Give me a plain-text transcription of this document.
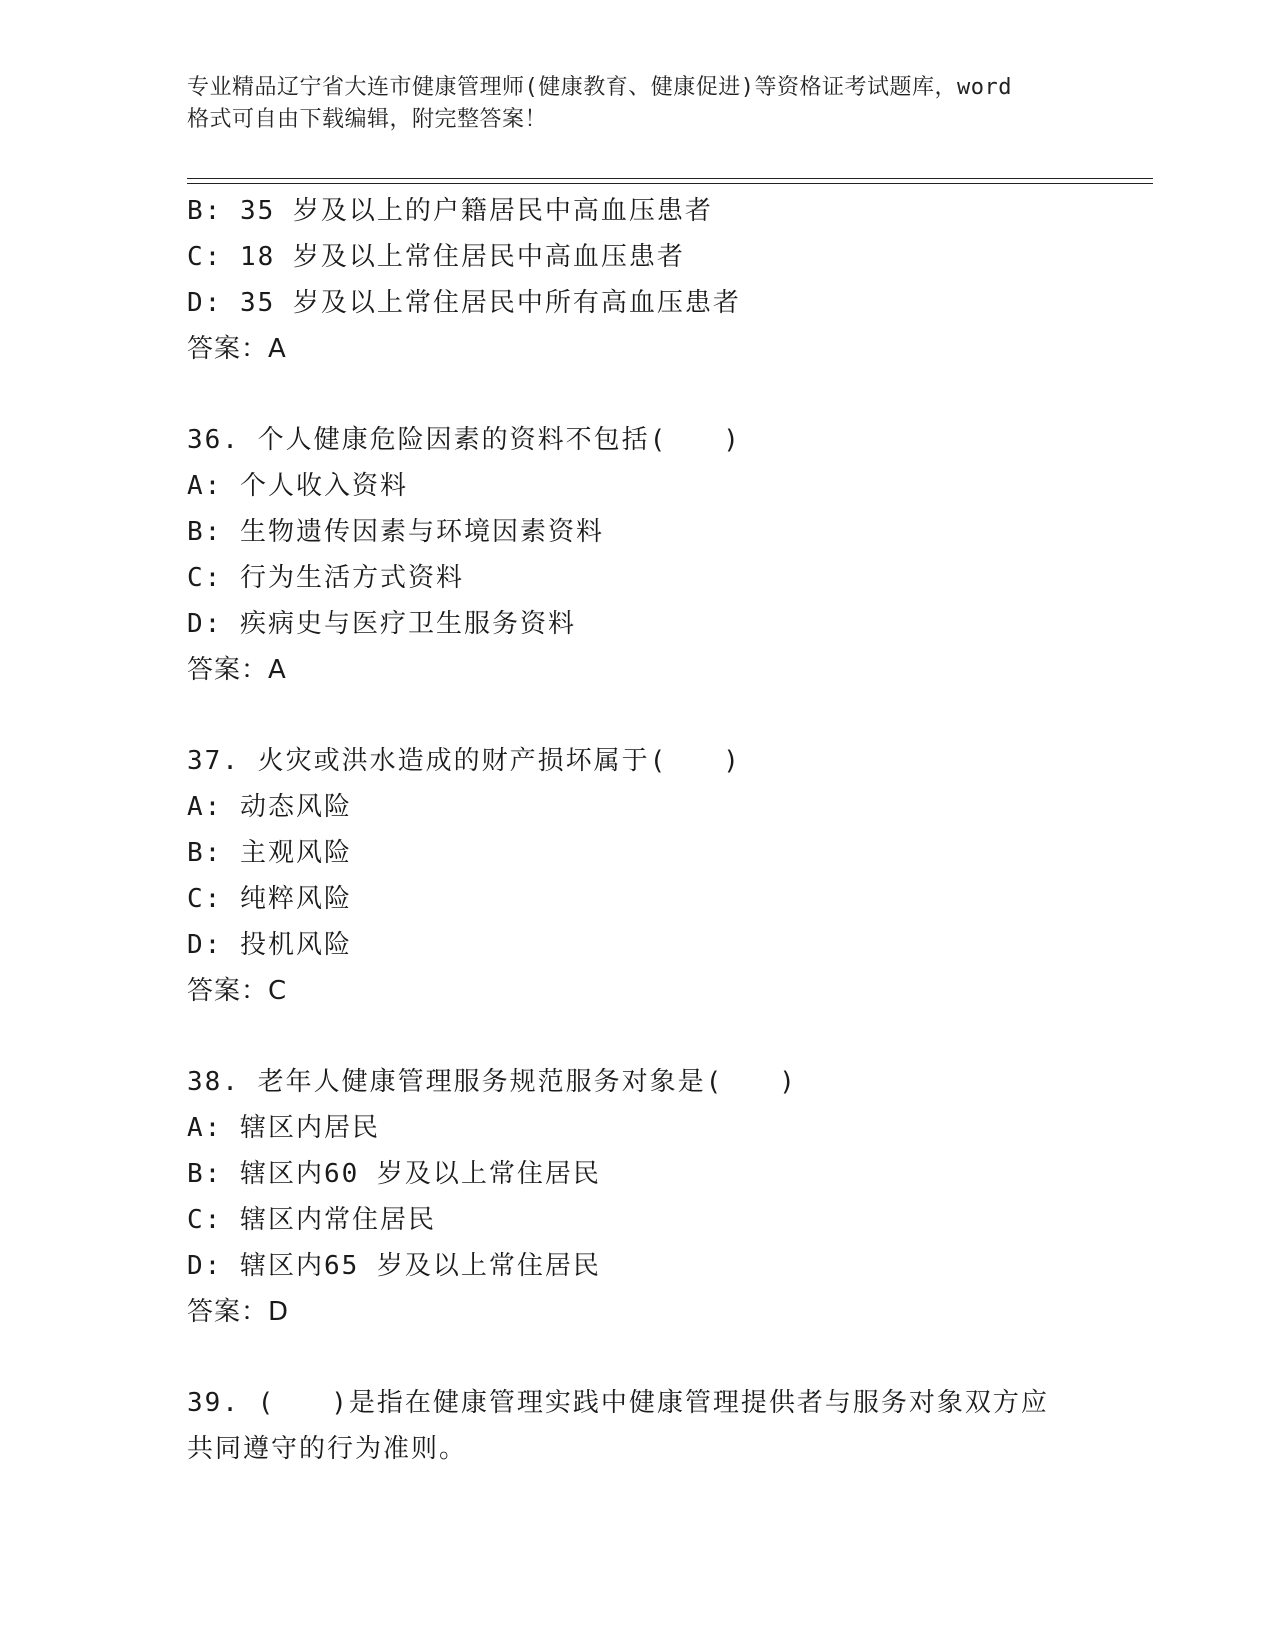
专业精品辽宁省大连市健康管理师(健康教育、健康促进)等资格证考试题库，word
格式可自由下载编辑，附完整答案！
B: 35 岁及以上的户籍居民中高血压患者
C: 18 岁及以上常住居民中高血压患者
D: 35 岁及以上常住居民中所有高血压患者
答案：A
36. 个人健康危险因素的资料不包括(　　)
A: 个人收入资料
B: 生物遗传因素与环境因素资料
C: 行为生活方式资料
D: 疾病史与医疗卫生服务资料
答案：A
37. 火灾或洪水造成的财产损坏属于(　　)
A: 动态风险
B: 主观风险
C: 纯粹风险
D: 投机风险
答案：C
38. 老年人健康管理服务规范服务对象是(　　)
A: 辖区内居民
B: 辖区内60 岁及以上常住居民
C: 辖区内常住居民
D: 辖区内65 岁及以上常住居民
答案：D
39. (　　)是指在健康管理实践中健康管理提供者与服务对象双方应
共同遵守的行为准则。
